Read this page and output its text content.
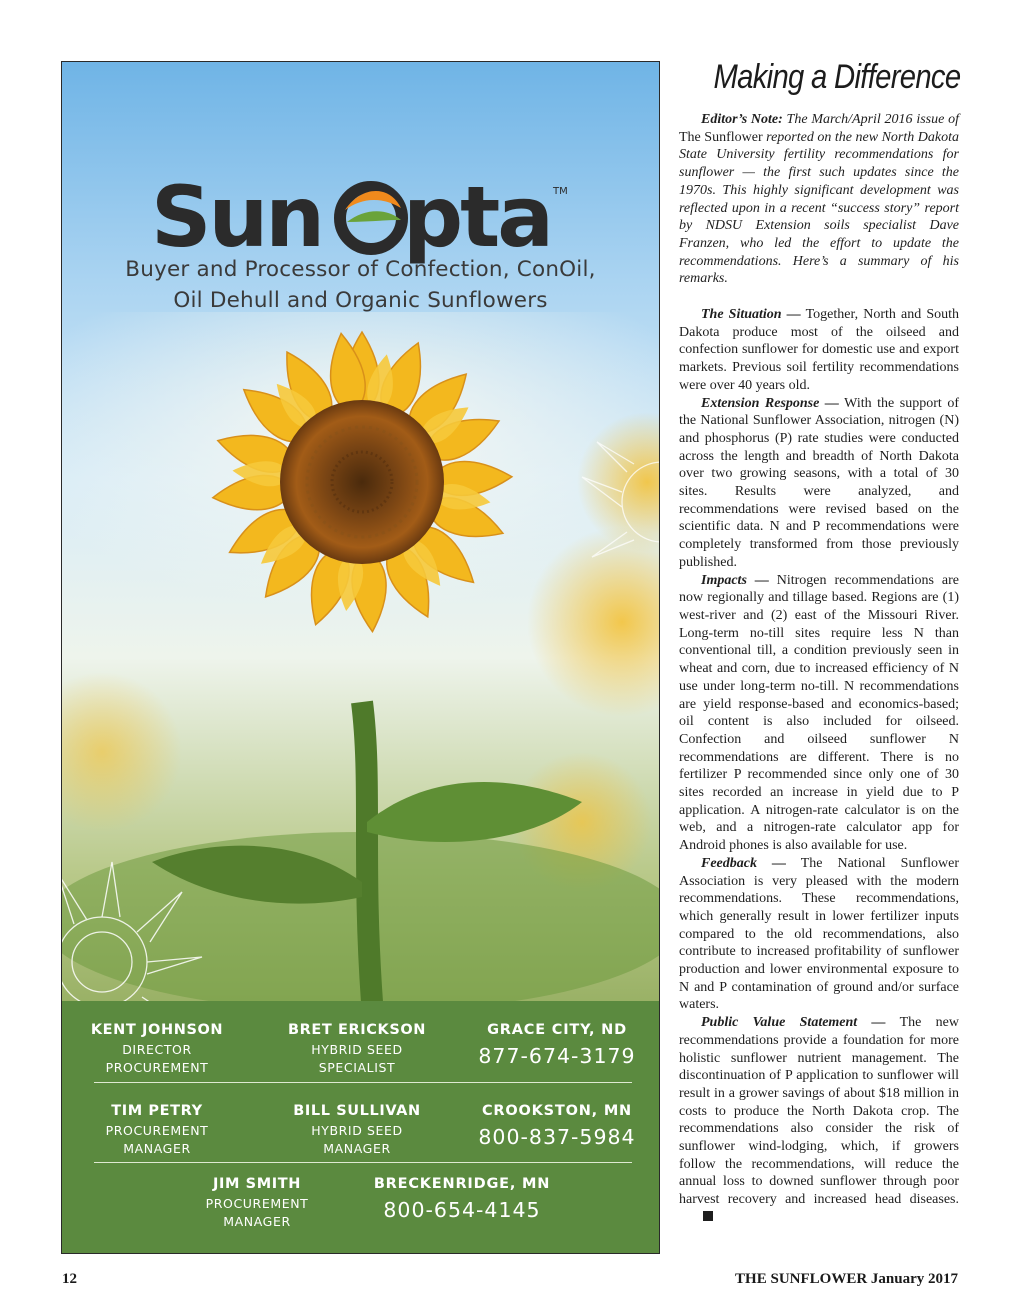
Sun pta TM
Buyer and Processor of Confection, ConOil,
Oil Dehull and Organic Sunflowers
KENT JOHNSON
DIRECTOR
PROCUREMENT
BRET ERICKSON
HYBRID SEED
SPECIALIST
GRACE CITY, ND
877-674-3179
TIM PETRY
PROCUREMENT
MANAGER
BILL SULLIVAN
HYBRID SEED
MANAGER
CROOKSTON, MN
800-837-5984
JIM SMITH
PROCUREMENT
MANAGER
BRECKENRIDGE, MN
800-654-4145
Making a Difference

Editor’s Note: The March/April 2016 issue of The Sunflower reported on the new North Dakota State University fertility recommendations for sunflower — the first such updates since the 1970s. This highly significant development was reflected upon in a recent “success story” report by NDSU Extension soils specialist Dave Franzen, who led the effort to update the recommendations. Here’s a summary of his remarks.

The Situation — Together, North and South Dakota produce most of the oilseed and confection sunflower for domestic use and export markets. Previous soil fertility recommendations were over 40 years old.

Extension Response — With the support of the National Sunflower Association, nitrogen (N) and phosphorus (P) rate studies were conducted across the length and breadth of North Dakota over two growing seasons, with a total of 30 sites. Results were analyzed, and recommendations were revised based on the scientific data. N and P recommendations were completely transformed from those previously published.

Impacts — Nitrogen recommendations are now regionally and tillage based. Regions are (1) west-river and (2) east of the Missouri River. Long-term no-till sites require less N than conventional till, a condition previously seen in wheat and corn, due to increased efficiency of N use under long-term no-till. N recommendations are yield response-based and economics-based; oil content is also included for oilseed. Confection and oilseed sunflower N recommendations are different. There is no fertilizer P recommended since only one of 30 sites recorded an increase in yield due to P application. A nitrogen-rate calculator is on the web, and a nitrogen-rate calculator app for Android phones is also available for use.

Feedback — The National Sunflower Association is very pleased with the modern recommendations. These recommendations, which generally result in lower fertilizer inputs compared to the old recommendations, also contribute to increased profitability of sunflower production and lower environmental exposure to N and P contamination of ground and/or surface waters.

Public Value Statement — The new recommendations provide a foundation for more holistic sunflower nutrient management. The discontinuation of P application to sunflower will result in a grower savings of about $18 million in costs to produce the North Dakota crop. The recommendations also consider the risk of sunflower wind-lodging, which, if growers follow the recommendations, will reduce the annual loss to downed sunflower through poor harvest recovery and increased head diseases.

12	THE SUNFLOWER January 2017
